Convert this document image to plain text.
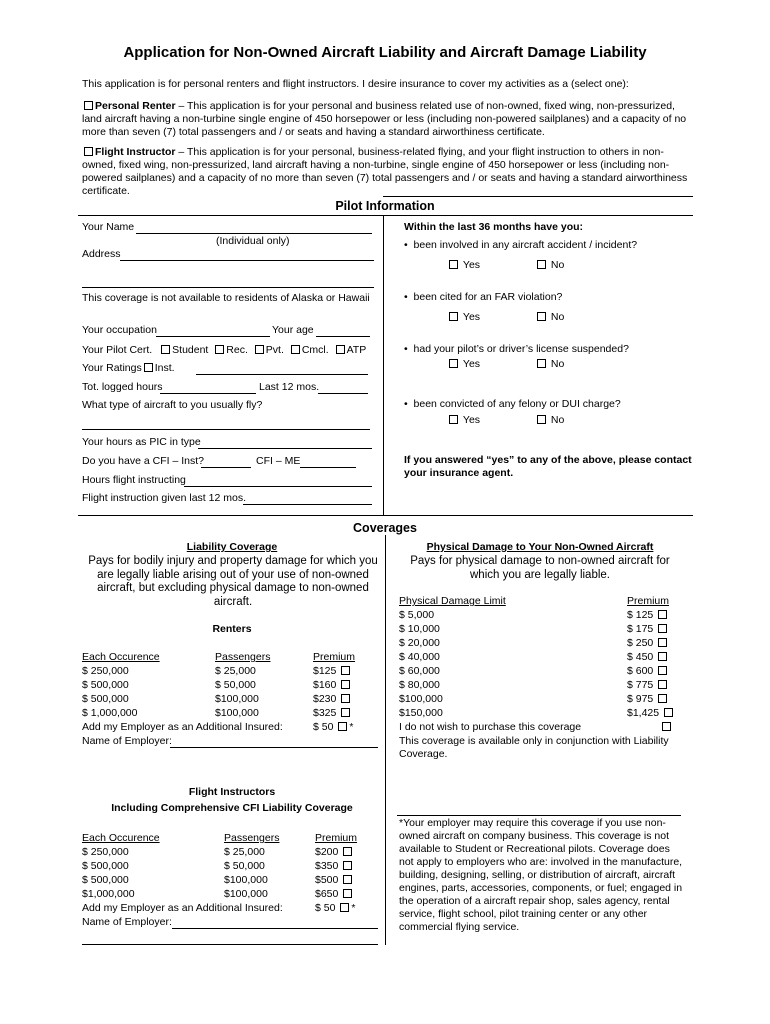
Application for Non-Owned Aircraft Liability and Aircraft Damage Liability
This application is for personal renters and flight instructors. I desire insurance to cover my activities as a (select one):
Personal Renter – This application is for your personal and business related use of non-owned, fixed wing, non-pressurized, land aircraft having a non-turbine single engine of 450 horsepower or less (including non-powered sailplanes) and a capacity of no more than seven (7) total passengers and / or seats and having a standard airworthiness certificate.
Flight Instructor – This application is for your personal, business-related flying, and your flight instruction to others in non-owned, fixed wing, non-pressurized, land aircraft having a non-turbine, single engine of 450 horsepower or less (including non-powered sailplanes) and a capacity of no more than seven (7) total passengers and / or seats and having a standard airworthiness certificate.
Pilot Information
Your Name
(Individual only)
Address
This coverage is not available to residents of Alaska or Hawaii
Your occupation	Your age
Your Pilot Cert. Student Rec. Pvt. Cmcl. ATP
Your Ratings Inst.
Tot. logged hours	Last 12 mos.
What type of aircraft to you usually fly?
Your hours as PIC in type
Do you have a CFI – Inst?	CFI – ME
Hours flight instructing
Flight instruction given last 12 mos.
Within the last 36 months have you:
• been involved in any aircraft accident / incident?
Yes	No
• been cited for an FAR violation?
Yes	No
• had your pilot’s or driver’s license suspended?
Yes	No
• been convicted of any felony or DUI charge?
Yes	No
If you answered “yes” to any of the above, please contact your insurance agent.
Coverages
Liability Coverage
Pays for bodily injury and property damage for which you are legally liable arising out of your use of non-owned aircraft, but excluding physical damage to non-owned aircraft.
Renters
Each Occurence	Passengers	Premium
$ 250,000	$ 25,000	$125
$ 500,000	$ 50,000	$160
$ 500,000	$100,000	$230
$ 1,000,000	$100,000	$325
Add my Employer as an Additional Insured:	$ 50 *
Name of Employer:
Flight Instructors
Including Comprehensive CFI Liability Coverage
Each Occurence	Passengers	Premium
$ 250,000	$ 25,000	$200
$ 500,000	$ 50,000	$350
$ 500,000	$100,000	$500
$1,000,000	$100,000	$650
Add my Employer as an Additional Insured:	$ 50 *
Name of Employer:
Physical Damage to Your Non-Owned Aircraft
Pays for physical damage to non-owned aircraft for which you are legally liable.
Physical Damage Limit	Premium
$ 5,000	$ 125
$ 10,000	$ 175
$ 20,000	$ 250
$ 40,000	$ 450
$ 60,000	$ 600
$ 80,000	$ 775
$100,000	$ 975
$150,000	$1,425
I do not wish to purchase this coverage
This coverage is available only in conjunction with Liability Coverage.
*Your employer may require this coverage if you use non-owned aircraft on company business. This coverage is not available to Student or Recreational pilots. Coverage does not apply to employers who are: involved in the manufacture, building, designing, selling, or distribution of aircraft, aircraft engines, parts, accessories, components, or fuel; engaged in the operation of a aircraft repair shop, sales agency, rental service, flight school, pilot training center or any other commercial flying service.
